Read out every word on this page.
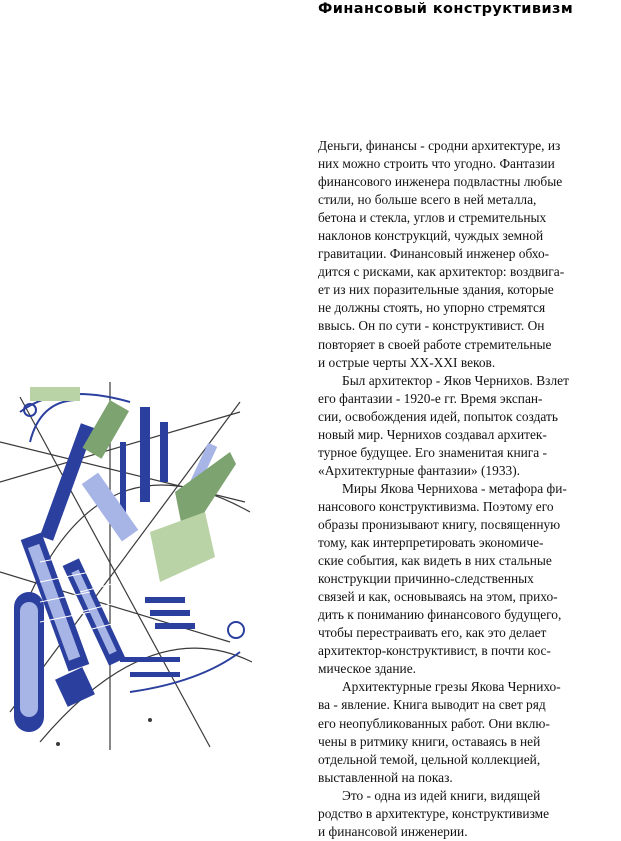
Финансовый конструктивизм
Деньги, финансы - сродни архитектуре, из
них можно строить что угодно. Фантазии
финансового инженера подвластны любые
стили, но больше всего в ней металла,
бетона и стекла, углов и стремительных
наклонов конструкций, чуждых земной
гравитации. Финансовый инженер обхо-
дится с рисками, как архитектор: воздвига-
ет из них поразительные здания, которые
не должны стоять, но упорно стремятся
ввысь. Он по сути - конструктивист. Он
повторяет в своей работе стремительные
и острые черты XX-XXI веков.
Был архитектор - Яков Чернихов. Взлет
его фантазии - 1920-е гг. Время экспан-
сии, освобождения идей, попыток создать
новый мир. Чернихов создавал архитек-
турное будущее. Его знаменитая книга -
«Архитектурные фантазии» (1933).
Миры Якова Чернихова - метафора фи-
нансового конструктивизма. Поэтому его
образы пронизывают книгу, посвященную
тому, как интерпретировать экономиче-
ские события, как видеть в них стальные
конструкции причинно-следственных
связей и как, основываясь на этом, прихо-
дить к пониманию финансового будущего,
чтобы перестраивать его, как это делает
архитектор-конструктивист, в почти кос-
мическое здание.
Архитектурные грезы Якова Чернихо-
ва - явление. Книга выводит на свет ряд
его неопубликованных работ. Они вклю-
чены в ритмику книги, оставаясь в ней
отдельной темой, цельной коллекцией,
выставленной на показ.
Это - одна из идей книги, видящей
родство в архитектуре, конструктивизме
и финансовой инженерии.
